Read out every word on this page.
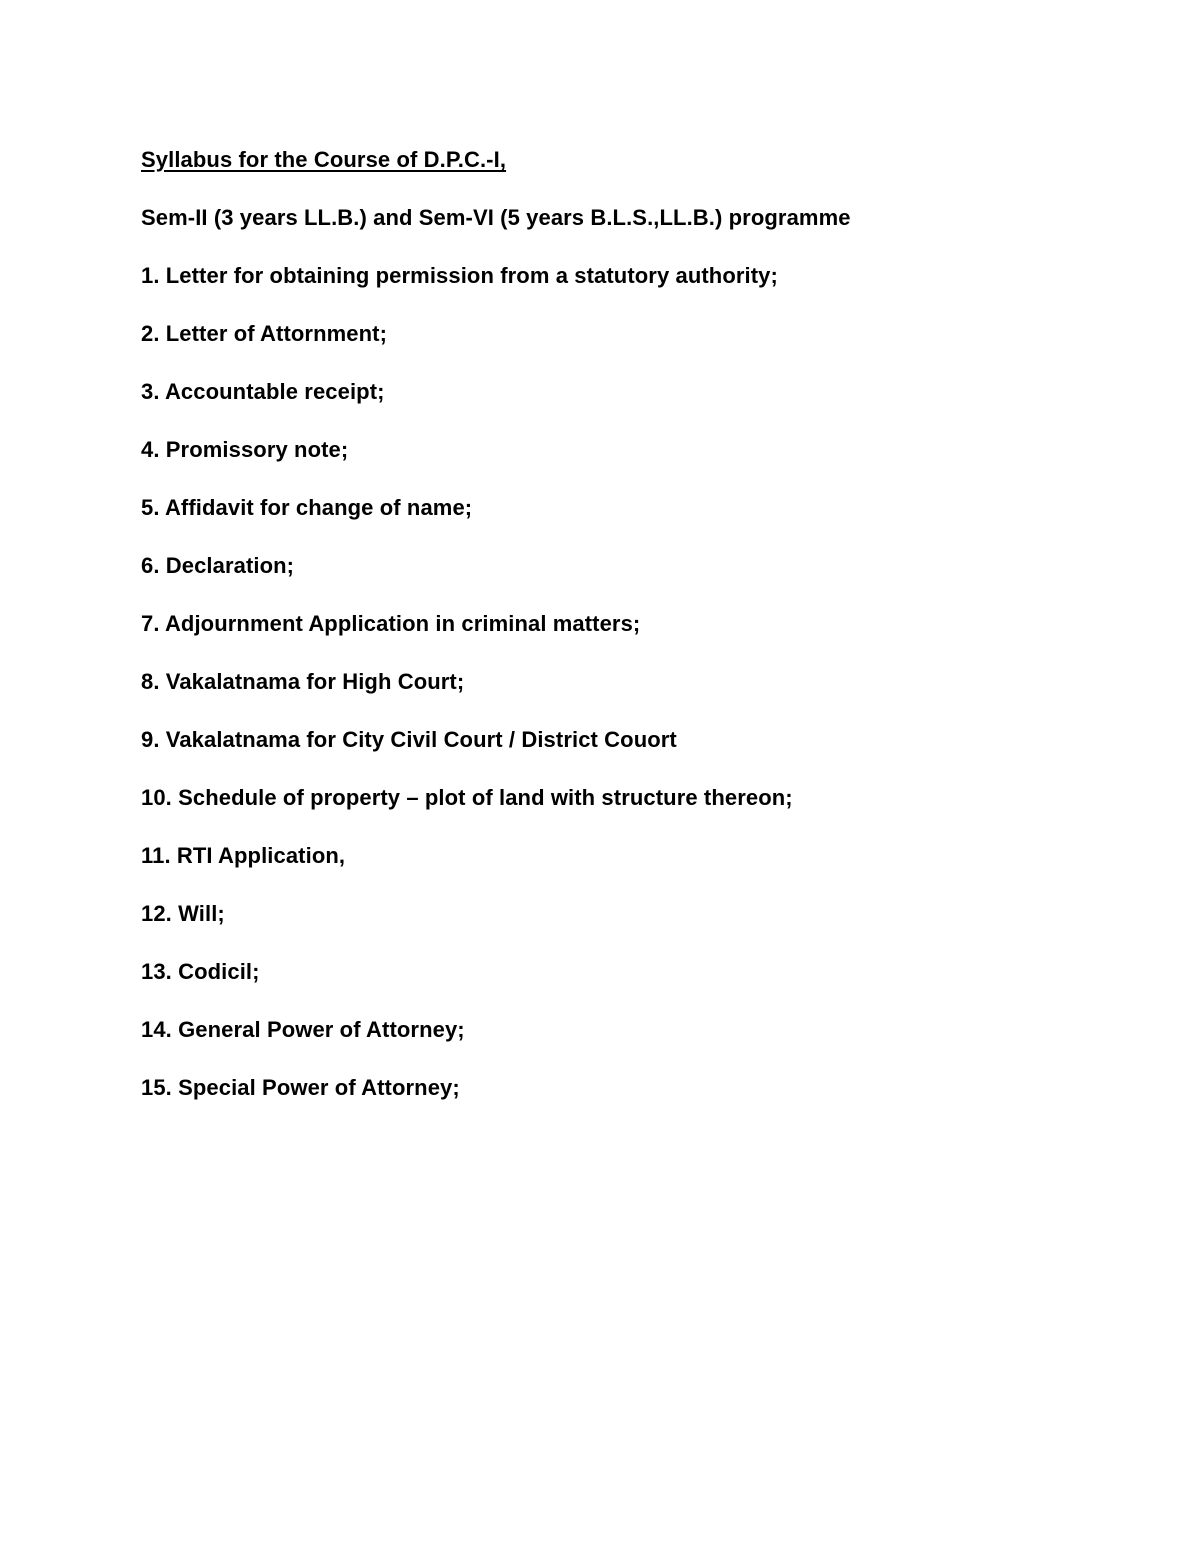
Syllabus for the Course of D.P.C.-I,
Sem-II (3 years LL.B.) and Sem-VI (5 years B.L.S.,LL.B.) programme
1. Letter for obtaining permission from a statutory authority;
2. Letter of Attornment;
3. Accountable receipt;
4. Promissory note;
5. Affidavit for change of name;
6. Declaration;
7. Adjournment Application in criminal matters;
8. Vakalatnama for High Court;
9. Vakalatnama for City Civil Court / District Couort
10. Schedule of property – plot of land with structure thereon;
11. RTI Application,
12. Will;
13. Codicil;
14. General Power of Attorney;
15. Special Power of Attorney;
